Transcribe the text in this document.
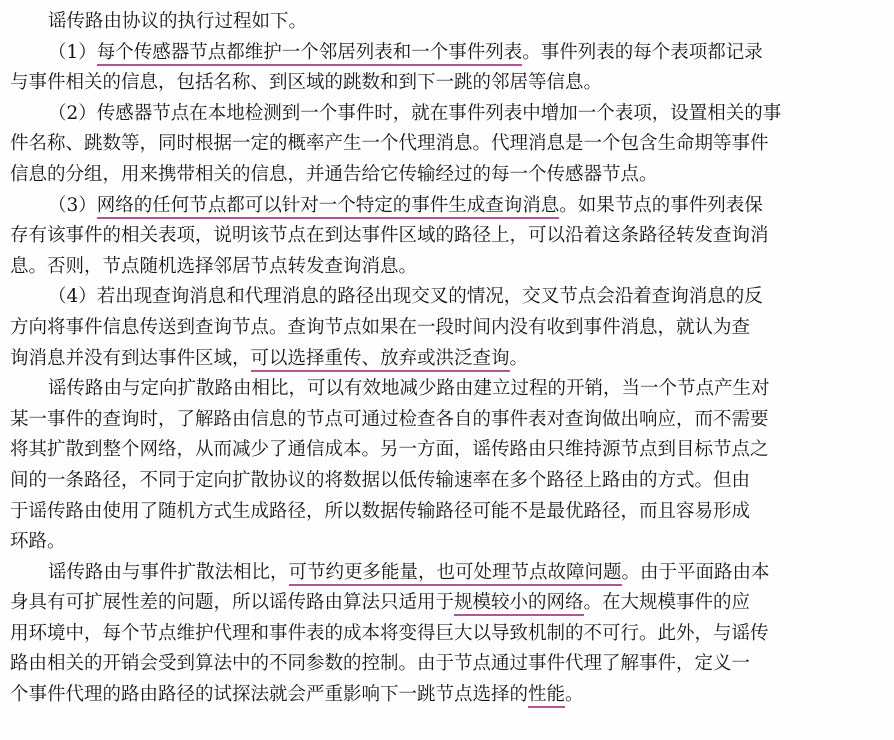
谣传路由协议的执行过程如下。
（1）每个传感器节点都维护一个邻居列表和一个事件列表。事件列表的每个表项都记录
与事件相关的信息，包括名称、到区域的跳数和到下一跳的邻居等信息。
（2）传感器节点在本地检测到一个事件时，就在事件列表中增加一个表项，设置相关的事
件名称、跳数等，同时根据一定的概率产生一个代理消息。代理消息是一个包含生命期等事件
信息的分组，用来携带相关的信息，并通告给它传输经过的每一个传感器节点。
（3）网络的任何节点都可以针对一个特定的事件生成查询消息。如果节点的事件列表保
存有该事件的相关表项，说明该节点在到达事件区域的路径上，可以沿着这条路径转发查询消
息。否则，节点随机选择邻居节点转发查询消息。
（4）若出现查询消息和代理消息的路径出现交叉的情况，交叉节点会沿着查询消息的反
方向将事件信息传送到查询节点。查询节点如果在一段时间内没有收到事件消息，就认为查
询消息并没有到达事件区域，可以选择重传、放弃或洪泛查询。
谣传路由与定向扩散路由相比，可以有效地减少路由建立过程的开销，当一个节点产生对
某一事件的查询时，了解路由信息的节点可通过检查各自的事件表对查询做出响应，而不需要
将其扩散到整个网络，从而减少了通信成本。另一方面，谣传路由只维持源节点到目标节点之
间的一条路径，不同于定向扩散协议的将数据以低传输速率在多个路径上路由的方式。但由
于谣传路由使用了随机方式生成路径，所以数据传输路径可能不是最优路径，而且容易形成
环路。
谣传路由与事件扩散法相比，可节约更多能量，也可处理节点故障问题。由于平面路由本
身具有可扩展性差的问题，所以谣传路由算法只适用于规模较小的网络。在大规模事件的应
用环境中，每个节点维护代理和事件表的成本将变得巨大以导致机制的不可行。此外，与谣传
路由相关的开销会受到算法中的不同参数的控制。由于节点通过事件代理了解事件，定义一
个事件代理的路由路径的试探法就会严重影响下一跳节点选择的性能。
